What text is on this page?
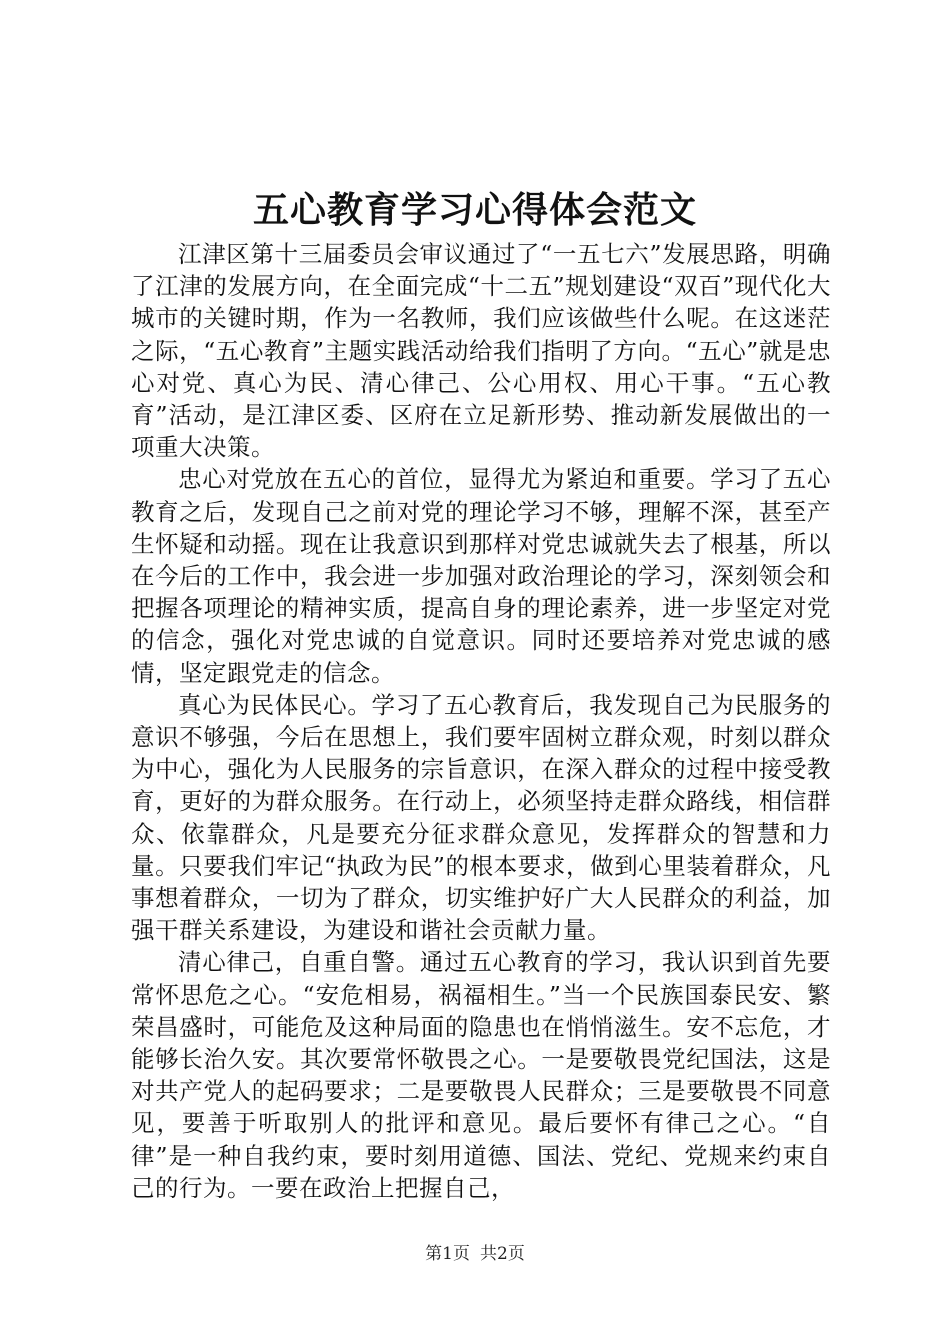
五心教育学习心得体会范文

江津区第十三届委员会审议通过了“一五七六”发展思路，明确了江津的发展方向，在全面完成“十二五”规划建设“双百”现代化大城市的关键时期，作为一名教师，我们应该做些什么呢。在这迷茫之际，“五心教育”主题实践活动给我们指明了方向。“五心”就是忠心对党、真心为民、清心律己、公心用权、用心干事。“五心教育”活动，是江津区委、区府在立足新形势、推动新发展做出的一项重大决策。

忠心对党放在五心的首位，显得尤为紧迫和重要。学习了五心教育之后，发现自己之前对党的理论学习不够，理解不深，甚至产生怀疑和动摇。现在让我意识到那样对党忠诚就失去了根基，所以在今后的工作中，我会进一步加强对政治理论的学习，深刻领会和把握各项理论的精神实质，提高自身的理论素养，进一步坚定对党的信念，强化对党忠诚的自觉意识。同时还要培养对党忠诚的感情，坚定跟党走的信念。

真心为民体民心。学习了五心教育后，我发现自己为民服务的意识不够强，今后在思想上，我们要牢固树立群众观，时刻以群众为中心，强化为人民服务的宗旨意识，在深入群众的过程中接受教育，更好的为群众服务。在行动上，必须坚持走群众路线，相信群众、依靠群众，凡是要充分征求群众意见，发挥群众的智慧和力量。只要我们牢记“执政为民”的根本要求，做到心里装着群众，凡事想着群众，一切为了群众，切实维护好广大人民群众的利益，加强干群关系建设，为建设和谐社会贡献力量。

清心律己，自重自警。通过五心教育的学习，我认识到首先要常怀思危之心。“安危相易，祸福相生。”当一个民族国泰民安、繁荣昌盛时，可能危及这种局面的隐患也在悄悄滋生。安不忘危，才能够长治久安。其次要常怀敬畏之心。一是要敬畏党纪国法，这是对共产党人的起码要求；二是要敬畏人民群众；三是要敬畏不同意见，要善于听取别人的批评和意见。最后要怀有律己之心。“自律”是一种自我约束，要时刻用道德、国法、党纪、党规来约束自己的行为。一要在政治上把握自己，

第1页 共2页
